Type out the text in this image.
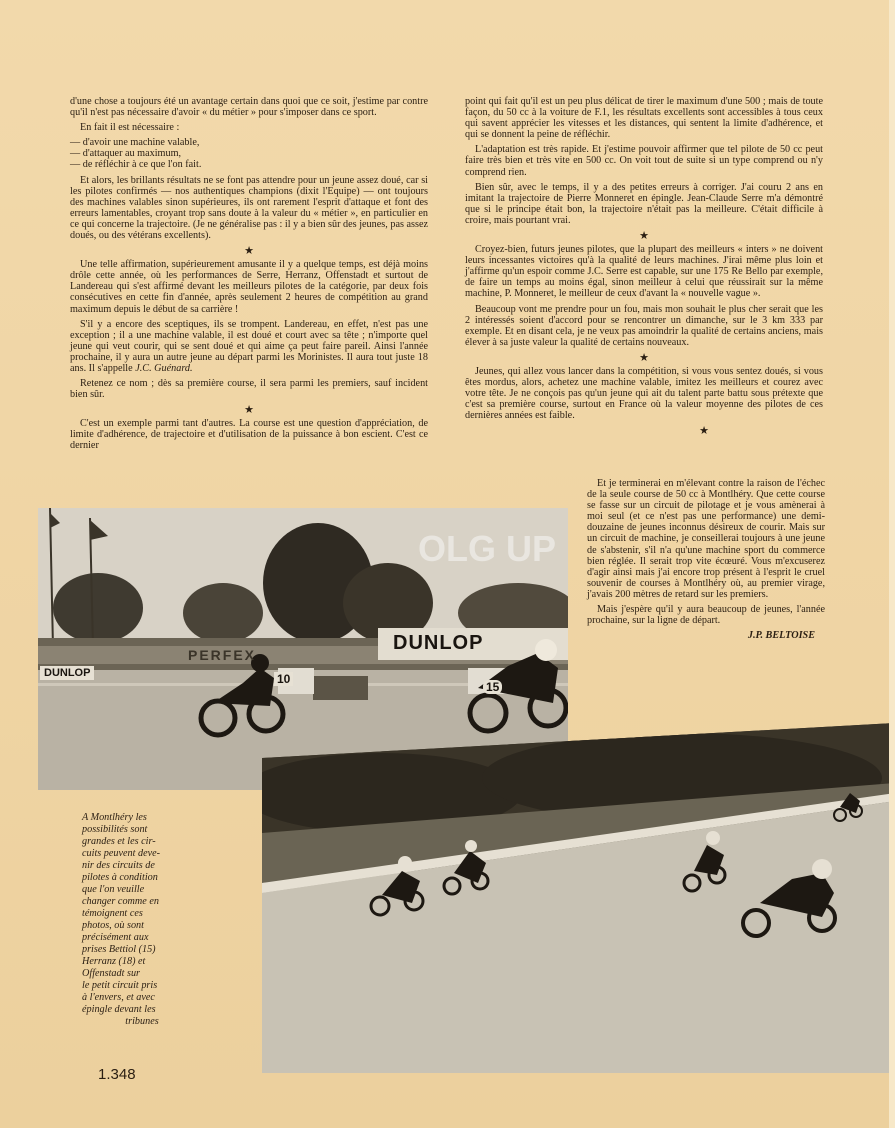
d'une chose a toujours été un avantage certain dans quoi que ce soit, j'estime par contre qu'il n'est pas nécessaire d'avoir « du métier » pour s'imposer dans ce sport.

En fait il est nécessaire :

— d'avoir une machine valable,
— d'attaquer au maximum,
— de réfléchir à ce que l'on fait.

Et alors, les brillants résultats ne se font pas attendre pour un jeune assez doué, car si les pilotes confirmés — nos authentiques champions (dixit l'Equipe) — ont toujours des machines valables sinon supérieures, ils ont rarement l'esprit d'attaque et font des erreurs lamentables, croyant trop sans doute à la valeur du « métier », en particulier en ce qui concerne la trajectoire. (Je ne généralise pas : il y a bien sûr des jeunes, pas assez doués, ou des vétérans excellents).

★

Une telle affirmation, supérieurement amusante il y a quelque temps, est déjà moins drôle cette année, où les performances de Serre, Herranz, Offenstadt et surtout de Landereau qui s'est affirmé devant les meilleurs pilotes de la catégorie, par deux fois consécutives en cette fin d'année, après seulement 2 heures de compétition au grand maximum depuis le début de sa carrière !

S'il y a encore des sceptiques, ils se trompent. Landereau, en effet, n'est pas une exception ; il a une machine valable, il est doué et court avec sa tête ; n'importe quel jeune qui veut courir, qui se sent doué et qui aime ça peut faire pareil. Ainsi l'année prochaine, il y aura un autre jeune au départ parmi les Morinistes. Il aura tout juste 18 ans. Il s'appelle J.C. Guénard.

Retenez ce nom ; dès sa première course, il sera parmi les premiers, sauf incident bien sûr.

★

C'est un exemple parmi tant d'autres. La course est une question d'appréciation, de limite d'adhérence, de trajectoire et d'utilisation de la puissance à bon escient. C'est ce dernier

point qui fait qu'il est un peu plus délicat de tirer le maximum d'une 500 ; mais de toute façon, du 50 cc à la voiture de F.1, les résultats excellents sont accessibles à tous ceux qui savent apprécier les vitesses et les distances, qui sentent la limite d'adhérence, et qui se donnent la peine de réfléchir.

L'adaptation est très rapide. Et j'estime pouvoir affirmer que tel pilote de 50 cc peut faire très bien et très vite en 500 cc. On voit tout de suite si un type comprend ou n'y comprend rien.

Bien sûr, avec le temps, il y a des petites erreurs à corriger. J'ai couru 2 ans en imitant la trajectoire de Pierre Monneret en épingle. Jean-Claude Serre m'a démontré que si le principe était bon, la trajectoire n'était pas la meilleure. C'était difficile à croire, mais pourtant vrai.

★

Croyez-bien, futurs jeunes pilotes, que la plupart des meilleurs « inters » ne doivent leurs incessantes victoires qu'à la qualité de leurs machines. J'irai même plus loin et j'affirme qu'un espoir comme J.C. Serre est capable, sur une 175 Re Bello par exemple, de faire un temps au moins égal, sinon meilleur à celui que réussirait sur la même machine, P. Monneret, le meilleur de ceux d'avant la « nouvelle vague ».

Beaucoup vont me prendre pour un fou, mais mon souhait le plus cher serait que les 2 intéressés soient d'accord pour se rencontrer un dimanche, sur le 3 km 333 par exemple. Et en disant cela, je ne veux pas amoindrir la qualité de certains anciens, mais élever à sa juste valeur la qualité de certains nouveaux.

★

Jeunes, qui allez vous lancer dans la compétition, si vous vous sentez doués, si vous êtes mordus, alors, achetez une machine valable, imitez les meilleurs et courez avec votre tête. Je ne conçois pas qu'un jeune qui ait du talent parte battu sous prétexte que c'est sa première course, surtout en France où la valeur moyenne des pilotes de ces dernières années est faible.

★

Et je terminerai en m'élevant contre la raison de l'échec de la seule course de 50 cc à Montlhéry. Que cette course se fasse sur un circuit de pilotage et je vous amènerai à moi seul (et ce n'est pas une performance) une demi-douzaine de jeunes inconnus désireux de courir. Mais sur un circuit de machine, je conseillerai toujours à une jeune de s'abstenir, s'il n'a qu'une machine sport du commerce bien réglée. Il serait trop vite écœuré. Vous m'excuserez d'agir ainsi mais j'ai encore trop présent à l'esprit le cruel souvenir de courses à Montlhéry où, au premier virage, j'avais 200 mètres de retard sur les premiers.

Mais j'espère qu'il y aura beaucoup de jeunes, l'année prochaine, sur la ligne de départ.

J.P. BELTOISE
DUNLOP
PERFEX
DUNLOP
10
15
OLG UP
A Montlhéry les
possibilités sont
grandes et les cir-
cuits peuvent deve-
nir des circuits de
pilotes à condition
que l'on veuille
changer comme en
témoignent ces
photos, où sont
précisément aux
prises Bettiol (15)
Herranz (18) et
Offenstadt sur
le petit circuit pris
à l'envers, et avec
épingle devant les
tribunes
1.348
